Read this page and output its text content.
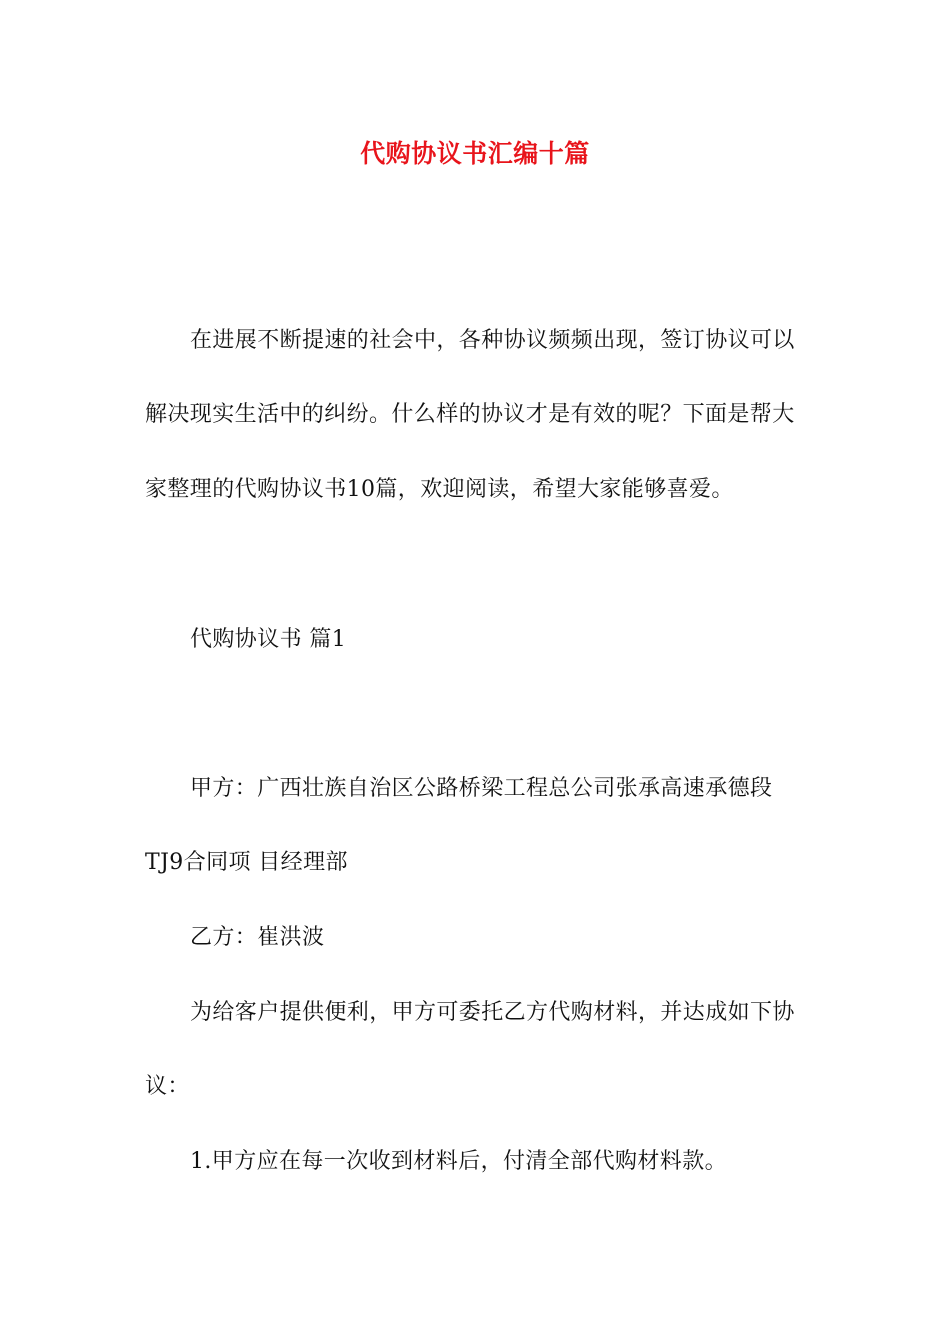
代购协议书汇编十篇
在进展不断提速的社会中，各种协议频频出现，签订协议可以
解决现实生活中的纠纷。什么样的协议才是有效的呢？下面是帮大
家整理的代购协议书10篇，欢迎阅读，希望大家能够喜爱。
代购协议书 篇1
甲方：广西壮族自治区公路桥梁工程总公司张承高速承德段
TJ9合同项 目经理部
乙方：崔洪波
为给客户提供便利，甲方可委托乙方代购材料，并达成如下协
议：
1.甲方应在每一次收到材料后，付清全部代购材料款。
